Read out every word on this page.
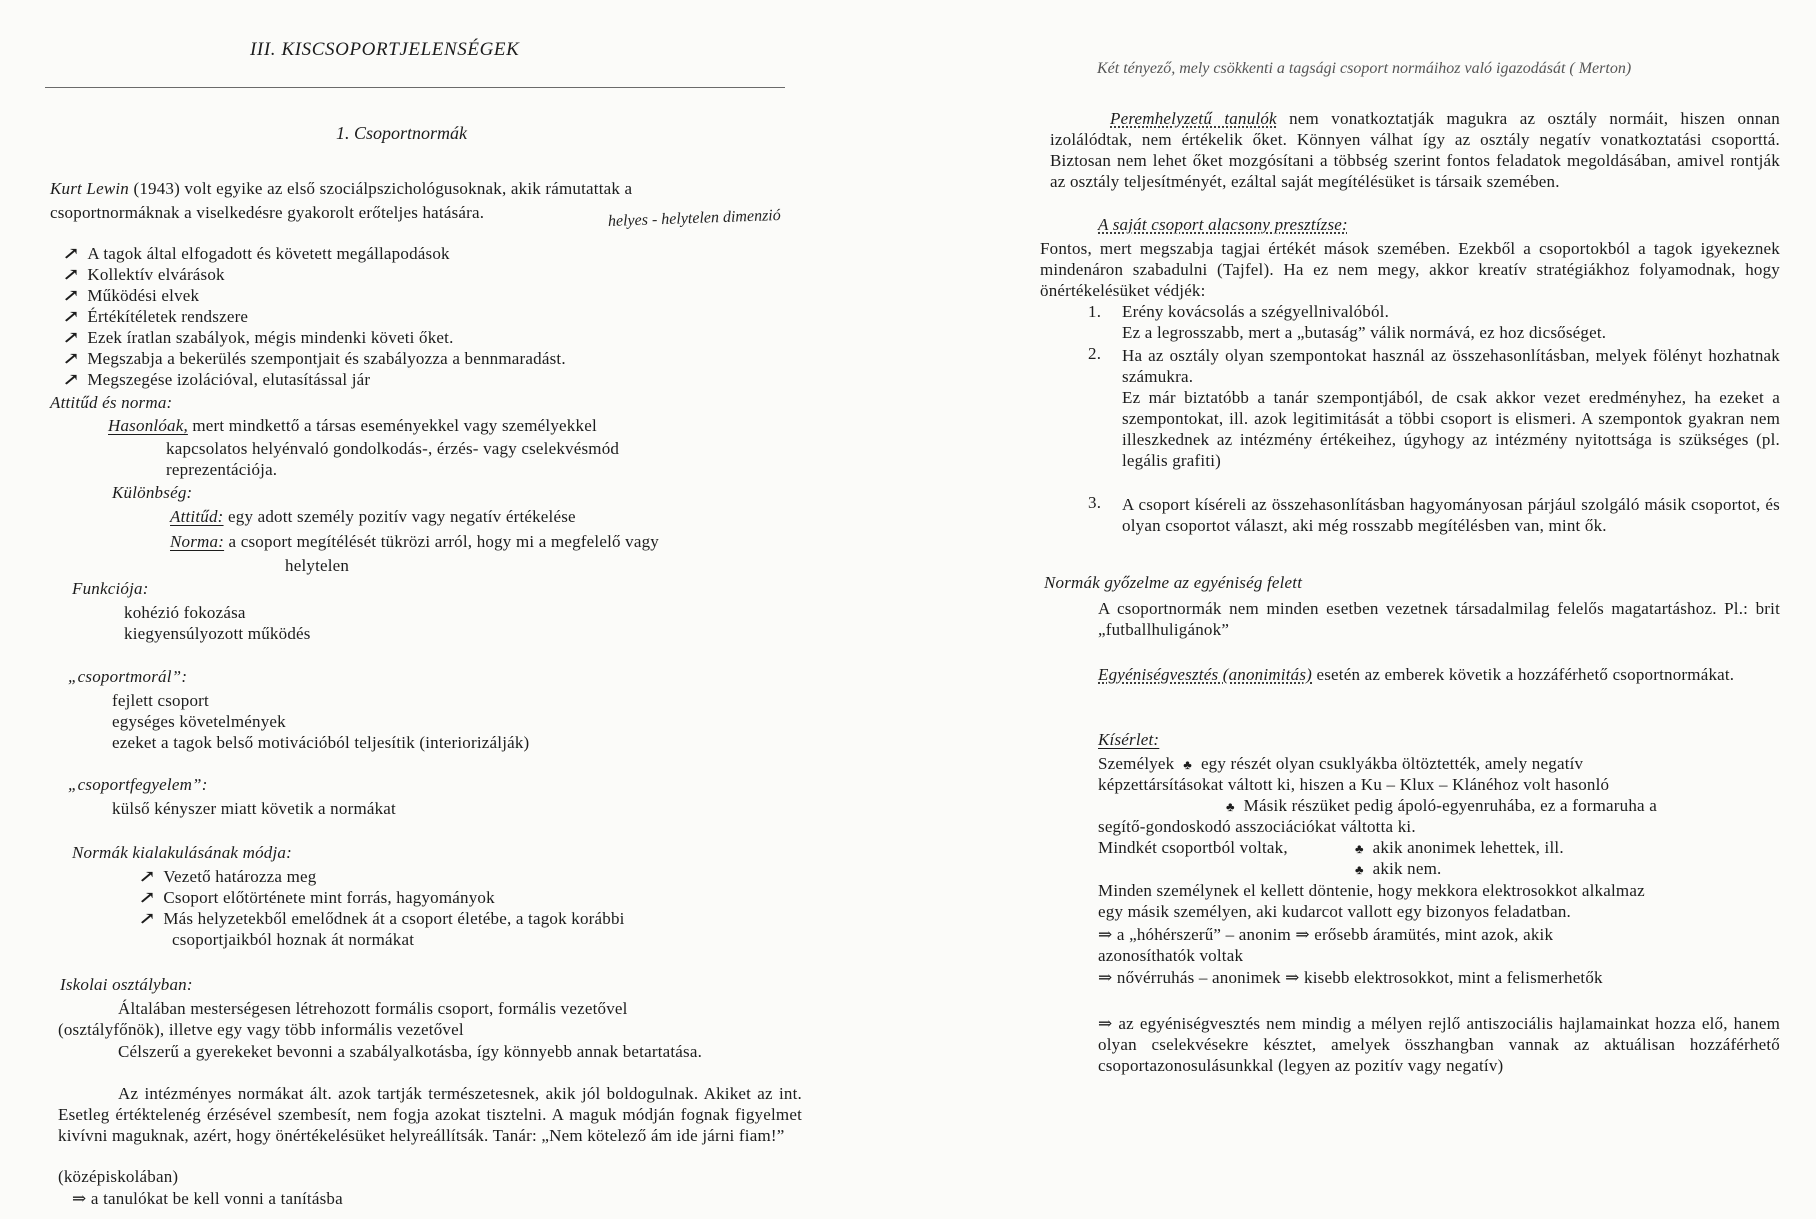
III. KISCSOPORTJELENSÉGEK
1. Csoportnormák
Kurt Lewin (1943) volt egyike az első szociálpszichológusoknak, akik rámutattak a
csoportnormáknak a viselkedésre gyakorolt erőteljes hatására.	helyes - helytelen dimenzió
↗ A tagok által elfogadott és követett megállapodások
↗ Kollektív elvárások
↗ Működési elvek
↗ Értékítéletek rendszere
↗ Ezek íratlan szabályok, mégis mindenki követi őket.
↗ Megszabja a bekerülés szempontjait és szabályozza a bennmaradást.
↗ Megszegése izolációval, elutasítással jár
Attitűd és norma:
Hasonlóak, mert mindkettő a társas eseményekkel vagy személyekkel
kapcsolatos helyénvaló gondolkodás-, érzés- vagy cselekvésmód
reprezentációja.
Különbség:
Attitűd: egy adott személy pozitív vagy negatív értékelése
Norma: a csoport megítélését tükrözi arról, hogy mi a megfelelő vagy
helytelen
Funkciója:
kohézió fokozása
kiegyensúlyozott működés
„csoportmorál”:
fejlett csoport
egységes követelmények
ezeket a tagok belső motivációból teljesítik (interiorizálják)
„csoportfegyelem”:
külső kényszer miatt követik a normákat
Normák kialakulásának módja:
↗ Vezető határozza meg
↗ Csoport előtörténete mint forrás, hagyományok
↗ Más helyzetekből emelődnek át a csoport életébe, a tagok korábbi
csoportjaikból hoznak át normákat
Iskolai osztályban:
Általában mesterségesen létrehozott formális csoport, formális vezetővel
(osztályfőnök), illetve egy vagy több informális vezetővel
Célszerű a gyerekeket bevonni a szabályalkotásba, így könnyebb annak betartatása.
Az intézményes normákat ált. azok tartják természetesnek, akik jól boldogulnak. Akiket az int. Esetleg értéktelenég érzésével szembesít, nem fogja azokat tisztelni. A maguk módján fognak figyelmet kivívni maguknak, azért, hogy önértékelésüket helyreállítsák. Tanár: „Nem kötelező ám ide járni fiam!”
(középiskolában)
⇒ a tanulókat be kell vonni a tanításba
Két tényező, mely csökkenti a tagsági csoport normáihoz való igazodását ( Merton)
Peremhelyzetű tanulók nem vonatkoztatják magukra az osztály normáit, hiszen onnan izolálódtak, nem értékelik őket. Könnyen válhat így az osztály negatív vonatkoztatási csoporttá. Biztosan nem lehet őket mozgósítani a többség szerint fontos feladatok megoldásában, amivel rontják az osztály teljesítményét, ezáltal saját megítélésüket is társaik szemében.
A saját csoport alacsony presztízse:
Fontos, mert megszabja tagjai értékét mások szemében. Ezekből a csoportokból a tagok igyekeznek mindenáron szabadulni (Tajfel). Ha ez nem megy, akkor kreatív stratégiákhoz folyamodnak, hogy önértékelésüket védjék:
1. Erény kovácsolás a szégyellnivalóból.
Ez a legrosszabb, mert a „butaság” válik normává, ez hoz dicsőséget.
2. Ha az osztály olyan szempontokat használ az összehasonlításban, melyek fölényt hozhatnak számukra.
Ez már biztatóbb a tanár szempontjából, de csak akkor vezet eredményhez, ha ezeket a szempontokat, ill. azok legitimitását a többi csoport is elismeri. A szempontok gyakran nem illeszkednek az intézmény értékeihez, úgyhogy az intézmény nyitottsága is szükséges (pl. legális grafiti)
3. A csoport kíséreli az összehasonlításban hagyományosan párjául szolgáló másik csoportot, és olyan csoportot választ, aki még rosszabb megítélésben van, mint ők.
Normák győzelme az egyéniség felett
A csoportnormák nem minden esetben vezetnek társadalmilag felelős magatartáshoz. Pl.: brit „futballhuligánok”
Egyéniségvesztés (anonimitás) esetén az emberek követik a hozzáférhető csoportnormákat.
Kísérlet:
Személyek ♣ egy részét olyan csuklyákba öltöztették, amely negatív
képzettársításokat váltott ki, hiszen a Ku – Klux – Klánéhoz volt hasonló
♣ Másik részüket pedig ápoló-egyenruhába, ez a formaruha a
segítő-gondoskodó asszociációkat váltotta ki.
Mindkét csoportból voltak,	♣ akik anonimek lehettek, ill.
♣ akik nem.
Minden személynek el kellett döntenie, hogy mekkora elektrosokkot alkalmaz
egy másik személyen, aki kudarcot vallott egy bizonyos feladatban.
⇒ a „hóhérszerű” – anonim ⇒ erősebb áramütés, mint azok, akik
azonosíthatók voltak
⇒ nővérruhás – anonimek ⇒ kisebb elektrosokkot, mint a felismerhetők
⇒ az egyéniségvesztés nem mindig a mélyen rejlő antiszociális hajlamainkat hozza elő, hanem olyan cselekvésekre késztet, amelyek összhangban vannak az aktuálisan hozzáférhető csoportazonosulásunkkal (legyen az pozitív vagy negatív)
